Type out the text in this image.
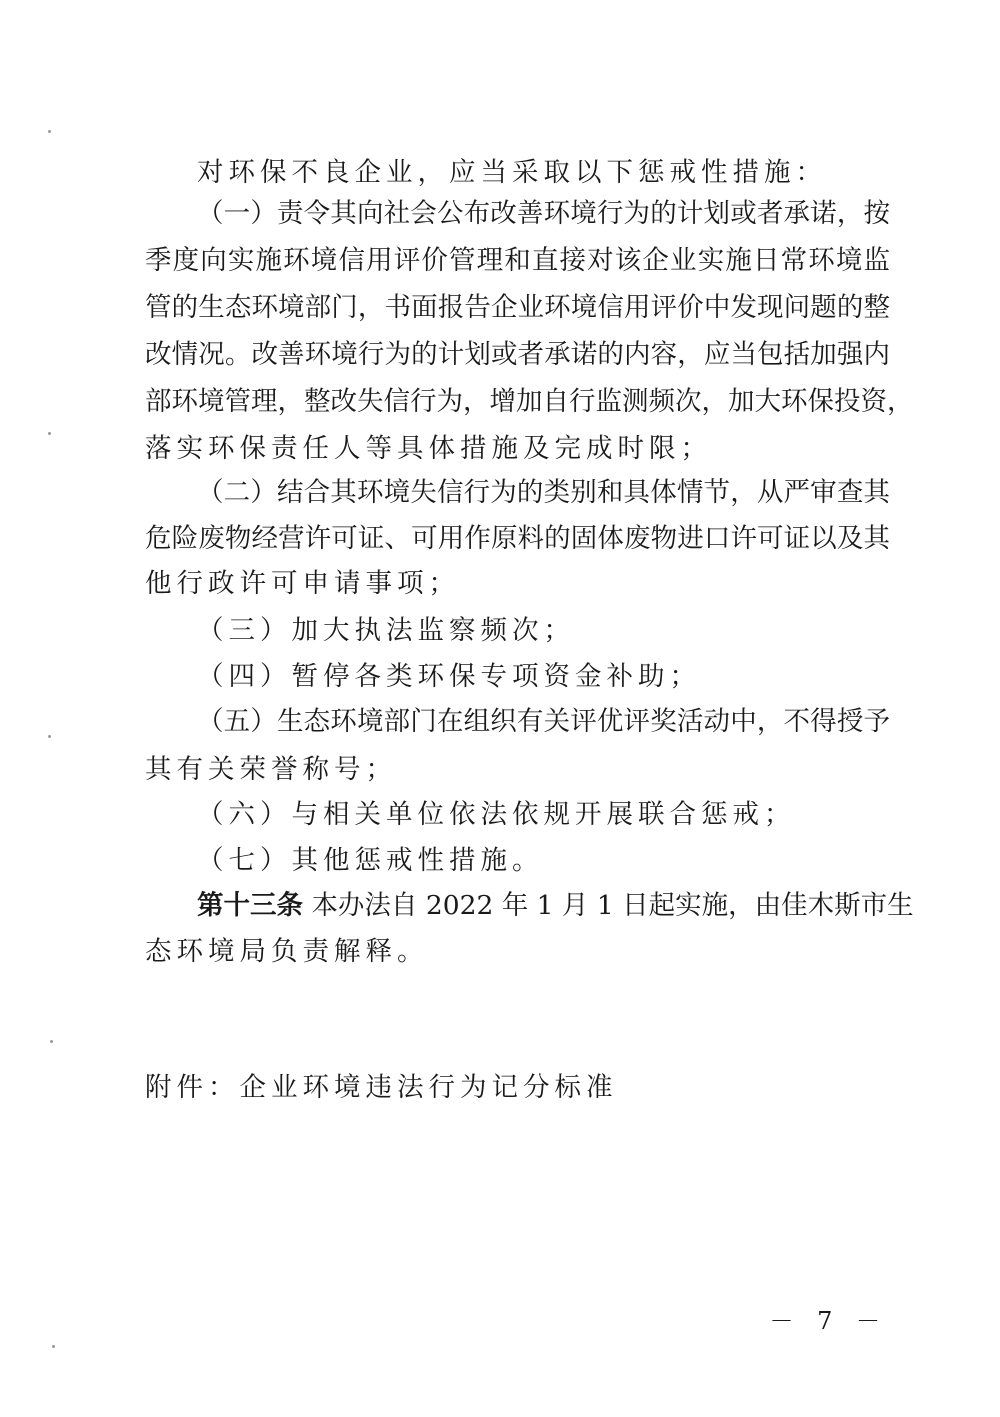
对环保不良企业，应当采取以下惩戒性措施：
（一）责令其向社会公布改善环境行为的计划或者承诺，按
季度向实施环境信用评价管理和直接对该企业实施日常环境监
管的生态环境部门，书面报告企业环境信用评价中发现问题的整
改情况。改善环境行为的计划或者承诺的内容，应当包括加强内
部环境管理，整改失信行为，增加自行监测频次，加大环保投资，
落实环保责任人等具体措施及完成时限；
（二）结合其环境失信行为的类别和具体情节，从严审查其
危险废物经营许可证、可用作原料的固体废物进口许可证以及其
他行政许可申请事项；
（三）加大执法监察频次；
（四）暂停各类环保专项资金补助；
（五）生态环境部门在组织有关评优评奖活动中，不得授予
其有关荣誉称号；
（六）与相关单位依法依规开展联合惩戒；
（七）其他惩戒性措施。
第十三条 本办法自 2022 年 1 月 1 日起实施，由佳木斯市生
态环境局负责解释。
附件：企业环境违法行为记分标准
－ 7 －
